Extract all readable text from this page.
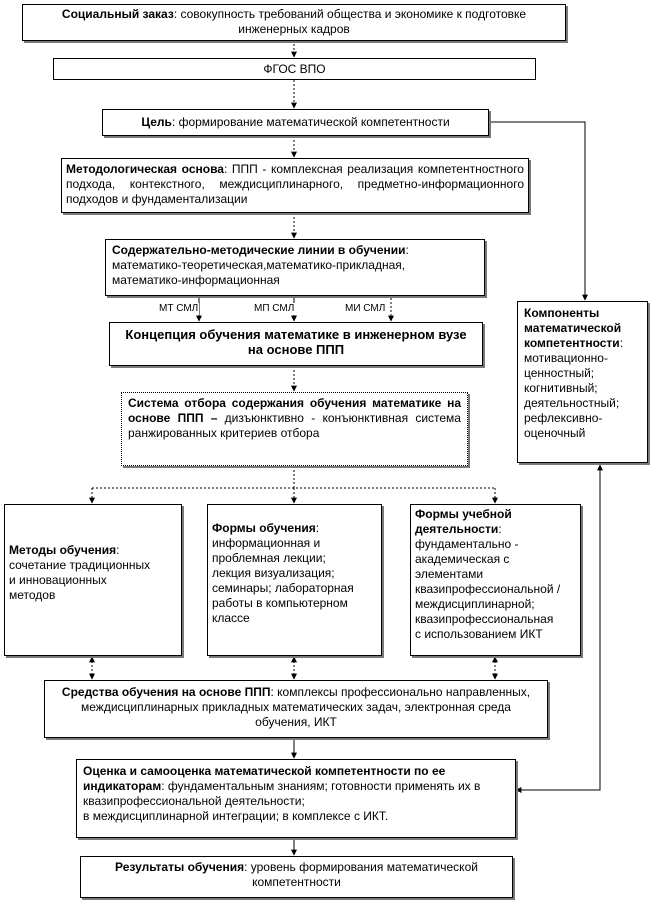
Социальный заказ: совокупность требований общества и экономике к подготовке инженерных кадров
ФГОС ВПО
Цель: формирование математической компетентности
Методологическая основа: ППП - комплексная реализация компетентностного подхода, контекстного, междисциплинарного, предметно-информационного подходов и фундаментализации
Содержательно-методические линии в обучении:
математико-теоретическая,математико-прикладная,
математико-информационная
МТ СМЛ	МП СМЛ	МИ СМЛ
Концепция обучения математике в инженерном вузе на основе ППП
Система отбора содержания обучения математике на основе ППП – дизъюнктивно - конъюнктивная система ранжированных критериев отбора
Компоненты математической компетентности:
мотивационно-
ценностный;
когнитивный;
деятельностный;
рефлексивно-
оценочный
Методы обучения:
сочетание традиционных
и инновационных
методов
Формы обучения:
информационная и
проблемная лекции;
лекция визуализация;
семинары; лабораторная
работы в компьютерном
классе
Формы учебной
деятельности:
фундаментально -
академическая с
элементами
квазипрофессиональной /
междисциплинарной;
квазипрофессиональная
с использованием ИКТ
Средства обучения на основе ППП: комплексы профессионально направленных, междисциплинарных прикладных математических задач, электронная среда обучения, ИКТ
Оценка и самооценка математической компетентности по ее индикаторам: фундаментальным знаниям; готовности применять их в квазипрофессиональной деятельности;
в междисциплинарной интеграции; в комплексе с ИКТ.
Результаты обучения: уровень формирования математической компетентности
